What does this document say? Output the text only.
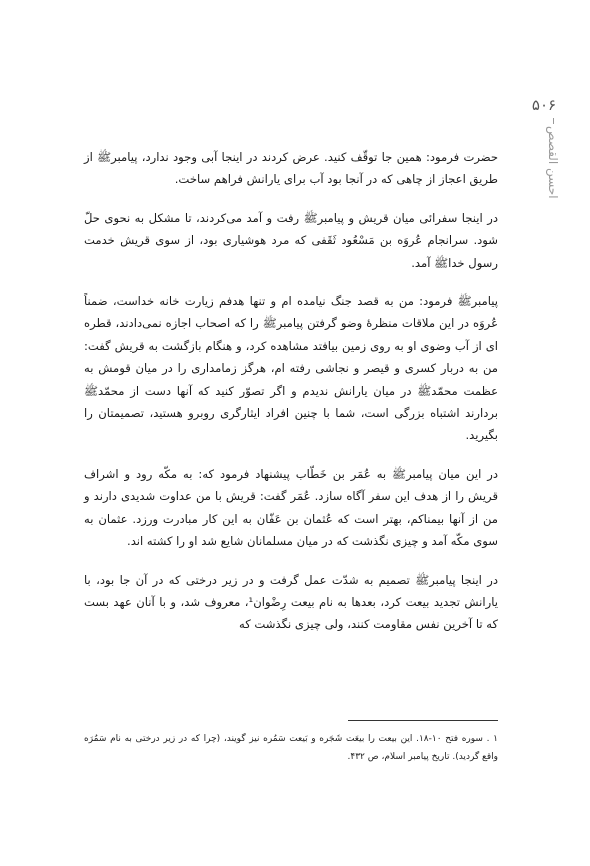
۵۰۶
احسن القصص

حضرت فرمود: همین جا توقّف کنید. عرض کردند در اینجا آبی وجود ندارد، پیامبرﷺ از طریق اعجاز از چاهی که در آنجا بود آب برای یارانش فراهم ساخت.

در اینجا سفرائی میان قریش و پیامبرﷺ رفت و آمد می‌کردند، تا مشکل به نحوی حلّ شود. سرانجام عُروَه بن مَسْعُود ثَقَفی که مرد هوشیاری بود، از سوی قریش خدمت رسول خداﷺ آمد.

پیامبرﷺ فرمود: من به قصد جنگ نیامده ام و تنها هدفم زیارت خانه خداست، ضمناً عُروَه در این ملاقات منظرهٔ وضو گرفتن پیامبرﷺ را که اصحاب اجازه نمی‌دادند، قطره ای از آب وضوی او به روی زمین بیافتد مشاهده کرد، و هنگام بازگشت به قریش گفت: من به دربار کسری و قیصر و نجاشی رفته ام، هرگز زمامداری را در میان قومش به عظمت محمّدﷺ در میان یارانش ندیدم و اگر تصوّر کنید که آنها دست از محمّدﷺ بردارند اشتباه بزرگی است، شما با چنین افراد ایثارگری روبرو هستید، تصمیمتان را بگیرید.

در این میان پیامبرﷺ به عُمَر بن خَطّاب پیشنهاد فرمود که: به مکّه رود و اشراف قریش را از هدف این سفر آگاه سازد. عُمَر گفت: قریش با من عداوت شدیدی دارند و من از آنها بیمناکم، بهتر است که عُثمان بن عَفّان به این کار مبادرت ورزد. عثمان به سوی مکّه آمد و چیزی نگذشت که در میان مسلمانان شایع شد او را کشته اند.

در اینجا پیامبرﷺ تصمیم به شدّت عمل گرفت و در زیر درختی که در آن جا بود، با یارانش تجدید بیعت کرد، بعدها به نام بیعت رِضْوان¹، معروف شد، و با آنان عهد بست که تا آخرین نفس مقاومت کنند، ولی چیزی نگذشت که

۱ . سوره فتح ۱۰-۱۸. این بیعت را بیعَت شَجَره و بَیعت سَمُره نیز گویند، (چرا که در زیر درختی به نام سَمُرَه واقع گردید). تاریخ پیامبر اسلام، ص ۴۳۲.
